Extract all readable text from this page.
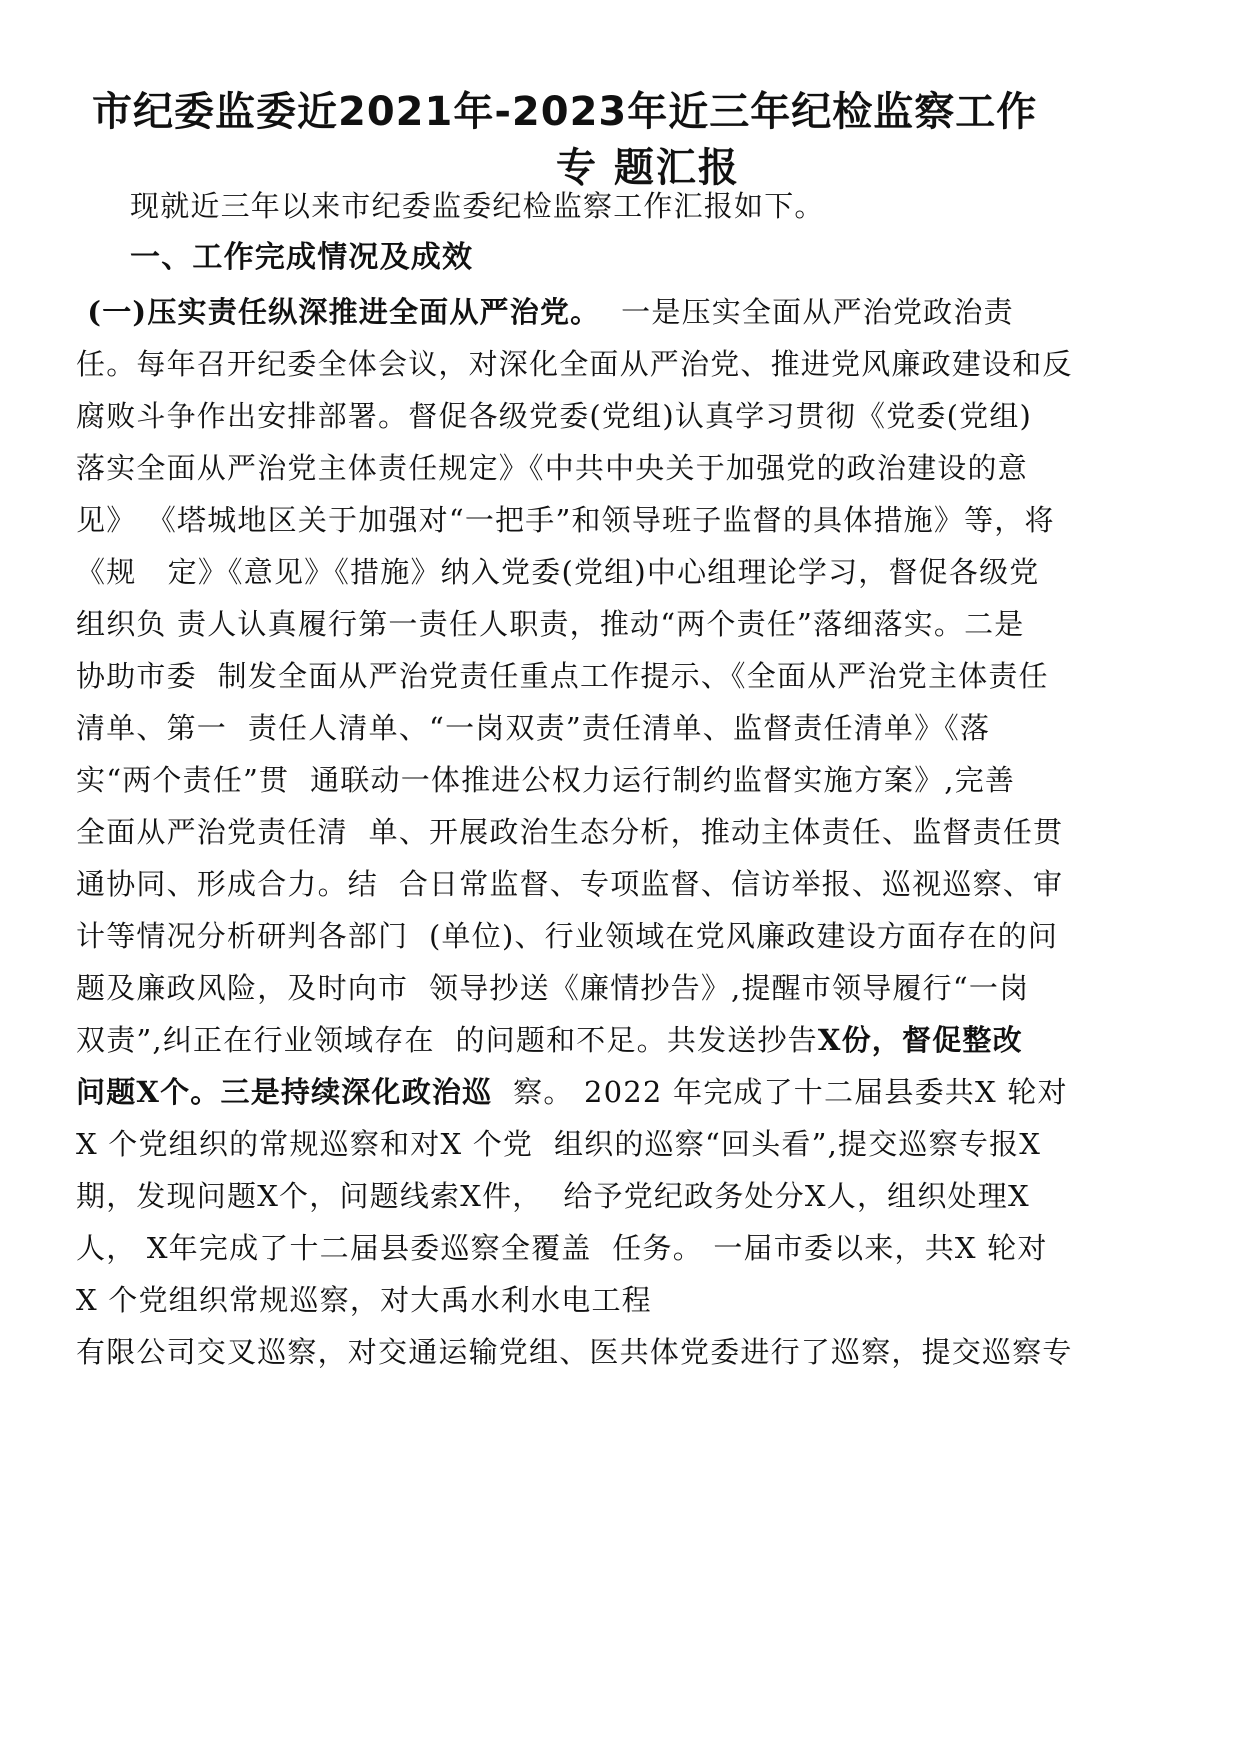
市纪委监委近2021年-2023年近三年纪检监察工作
专 题汇报
现就近三年以来市纪委监委纪检监察工作汇报如下。
一、工作完成情况及成效
(一)压实责任纵深推进全面从严治党。  一是压实全面从严治党政治责
任。每年召开纪委全体会议，对深化全面从严治党、推进党风廉政建设和反
腐败斗争作出安排部署。督促各级党委(党组)认真学习贯彻《党委(党组)
落实全面从严治党主体责任规定》《中共中央关于加强党的政治建设的意
见》 《塔城地区关于加强对“一把手”和领导班子监督的具体措施》等，将
《规   定》《意见》《措施》纳入党委(党组)中心组理论学习，督促各级党
组织负 责人认真履行第一责任人职责，推动“两个责任”落细落实。二是
协助市委  制发全面从严治党责任重点工作提示、《全面从严治党主体责任
清单、第一  责任人清单、“一岗双责”责任清单、监督责任清单》《落
实“两个责任”贯  通联动一体推进公权力运行制约监督实施方案》,完善
全面从严治党责任清  单、开展政治生态分析，推动主体责任、监督责任贯
通协同、形成合力。结  合日常监督、专项监督、信访举报、巡视巡察、审
计等情况分析研判各部门  (单位)、行业领域在党风廉政建设方面存在的问
题及廉政风险，及时向市  领导抄送《廉情抄告》,提醒市领导履行“一岗
双责”,纠正在行业领域存在  的问题和不足。共发送抄告X份，督促整改
问题X个。三是持续深化政治巡  察。 2022 年完成了十二届县委共X 轮对
X 个党组织的常规巡察和对X 个党  组织的巡察“回头看”,提交巡察专报X
期，发现问题X个，问题线索X件，  给予党纪政务处分X人，组织处理X
人， X年完成了十二届县委巡察全覆盖  任务。 一届市委以来，共X 轮对
X 个党组织常规巡察，对大禹水利水电工程
有限公司交叉巡察，对交通运输党组、医共体党委进行了巡察，提交巡察专
